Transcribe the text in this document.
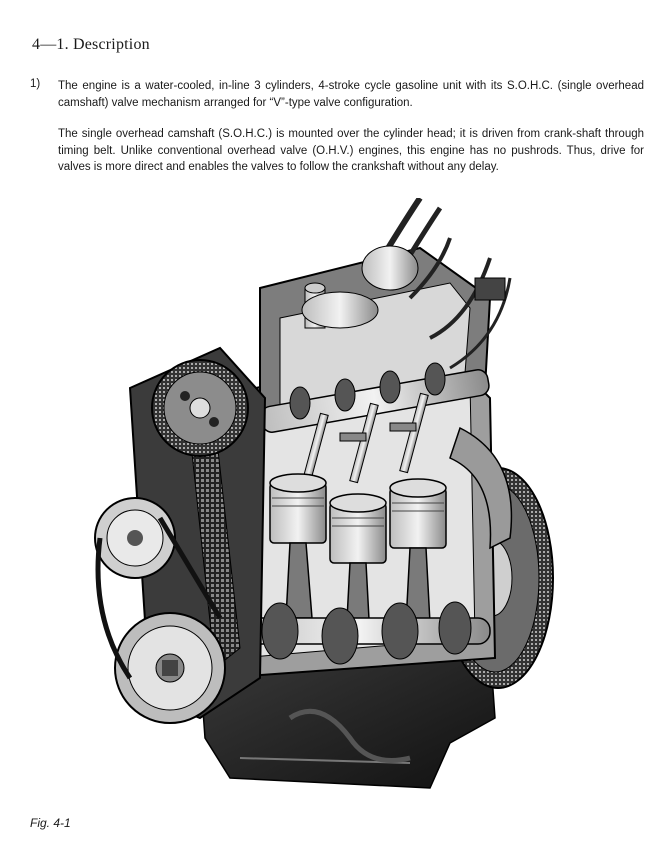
4—1. Description
1) The engine is a water-cooled, in-line 3 cylinders, 4-stroke cycle gasoline unit with its S.O.H.C. (single overhead camshaft) valve mechanism arranged for “V”-type valve configuration.

The single overhead camshaft (S.O.H.C.) is mounted over the cylinder head; it is driven from crank-shaft through timing belt. Unlike conventional overhead valve (O.H.V.) engines, this engine has no pushrods. Thus, drive for valves is more direct and enables the valves to follow the crankshaft without any delay.

Fig. 4-1
